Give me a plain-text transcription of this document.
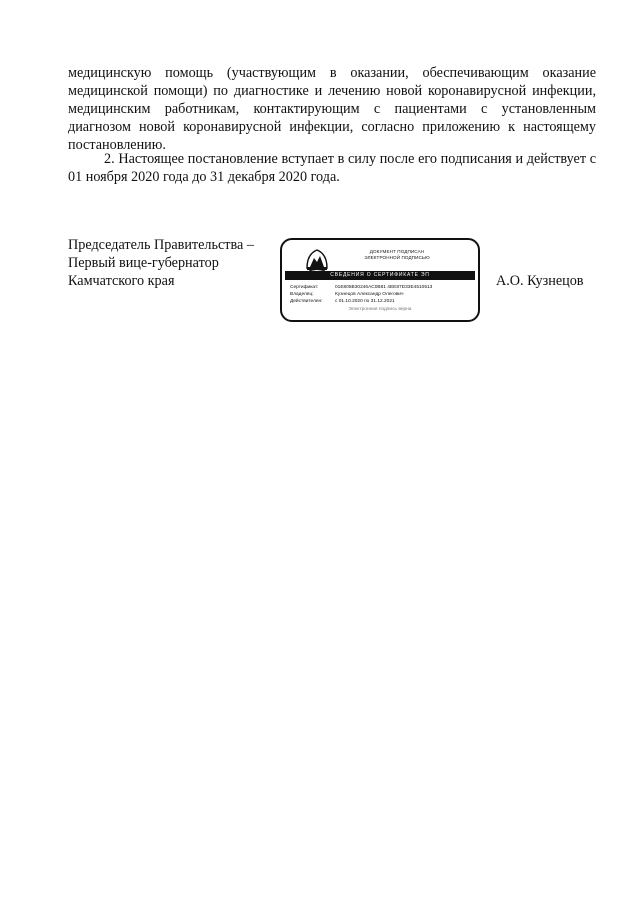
медицинскую помощь (участвующим в оказании, обеспечивающим оказание медицинской помощи) по диагностике и лечению новой коронавирусной инфекции, медицинским работникам, контактирующим с пациентами с установленным диагнозом новой коронавирусной инфекции, согласно приложению к настоящему постановлению.

2. Настоящее постановление вступает в силу после его подписания и действует с 01 ноября 2020 года до 31 декабря 2020 года.

Председатель Правительства –
Первый вице-губернатор
Камчатского края
ДОКУМЕНТ ПОДПИСАН
ЭЛЕКТРОННОЙ ПОДПИСЬЮ
СВЕДЕНИЯ О СЕРТИФИКАТЕ ЭП
Сертификат:	01E805B30246AC0B81 4EE87D33E4510513
Владелец:	Кузнецов Александр Олегович
Действителен:	с 01.10.2020 по 31.12.2021
Электронная подпись верна
А.О. Кузнецов
